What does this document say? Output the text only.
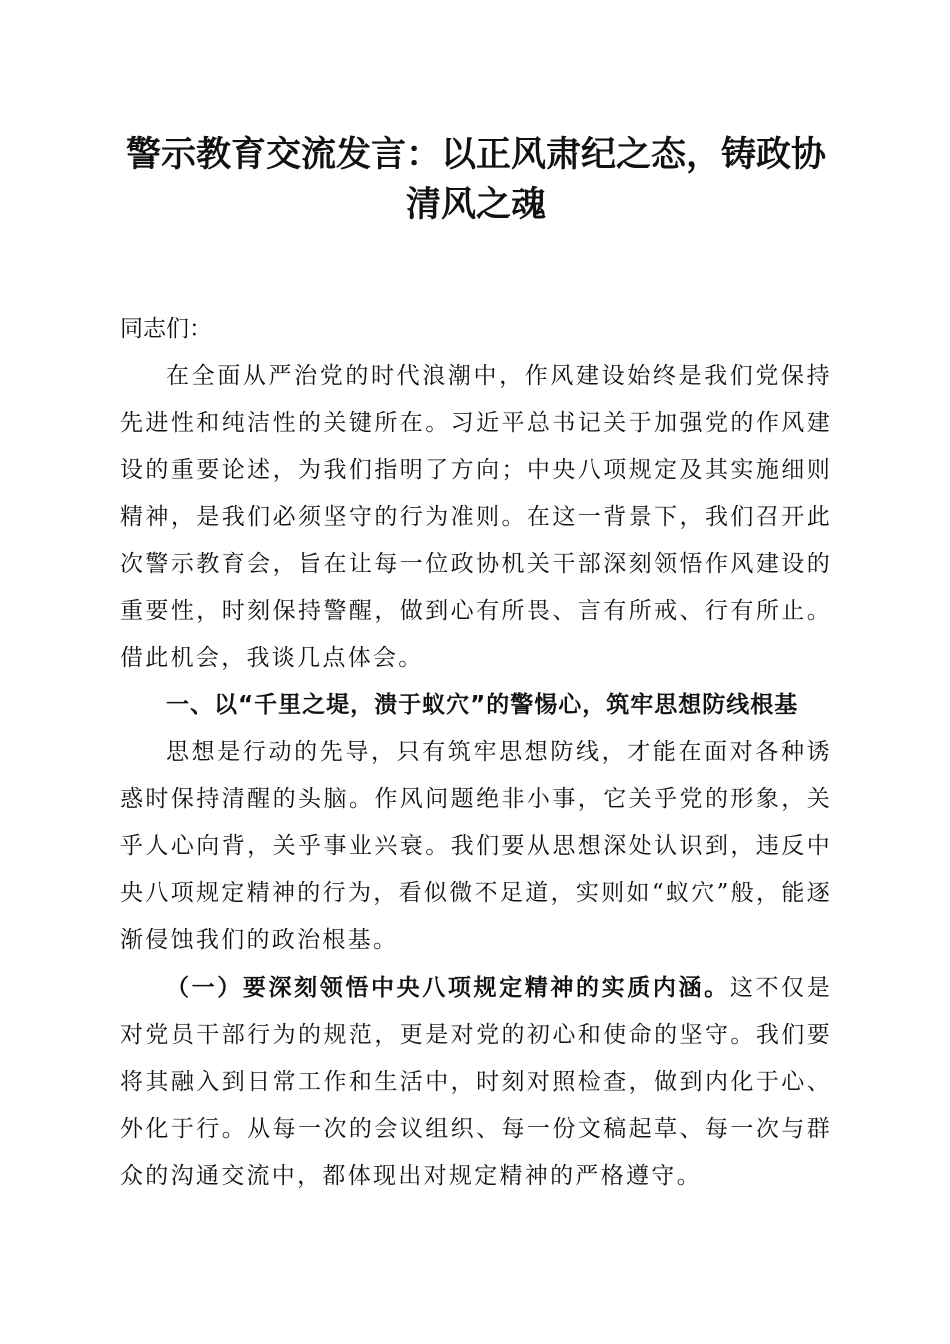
警示教育交流发言：以正风肃纪之态，铸政协
清风之魂

同志们：

在全面从严治党的时代浪潮中，作风建设始终是我们党保持先进性和纯洁性的关键所在。习近平总书记关于加强党的作风建设的重要论述，为我们指明了方向；中央八项规定及其实施细则精神，是我们必须坚守的行为准则。在这一背景下，我们召开此次警示教育会，旨在让每一位政协机关干部深刻领悟作风建设的重要性，时刻保持警醒，做到心有所畏、言有所戒、行有所止。借此机会，我谈几点体会。

一、以“千里之堤，溃于蚁穴”的警惕心，筑牢思想防线根基

思想是行动的先导，只有筑牢思想防线，才能在面对各种诱惑时保持清醒的头脑。作风问题绝非小事，它关乎党的形象，关乎人心向背，关乎事业兴衰。我们要从思想深处认识到，违反中央八项规定精神的行为，看似微不足道，实则如“蚁穴”般，能逐渐侵蚀我们的政治根基。

（一）要深刻领悟中央八项规定精神的实质内涵。这不仅是对党员干部行为的规范，更是对党的初心和使命的坚守。我们要将其融入到日常工作和生活中，时刻对照检查，做到内化于心、外化于行。从每一次的会议组织、每一份文稿起草、每一次与群众的沟通交流中，都体现出对规定精神的严格遵守。
